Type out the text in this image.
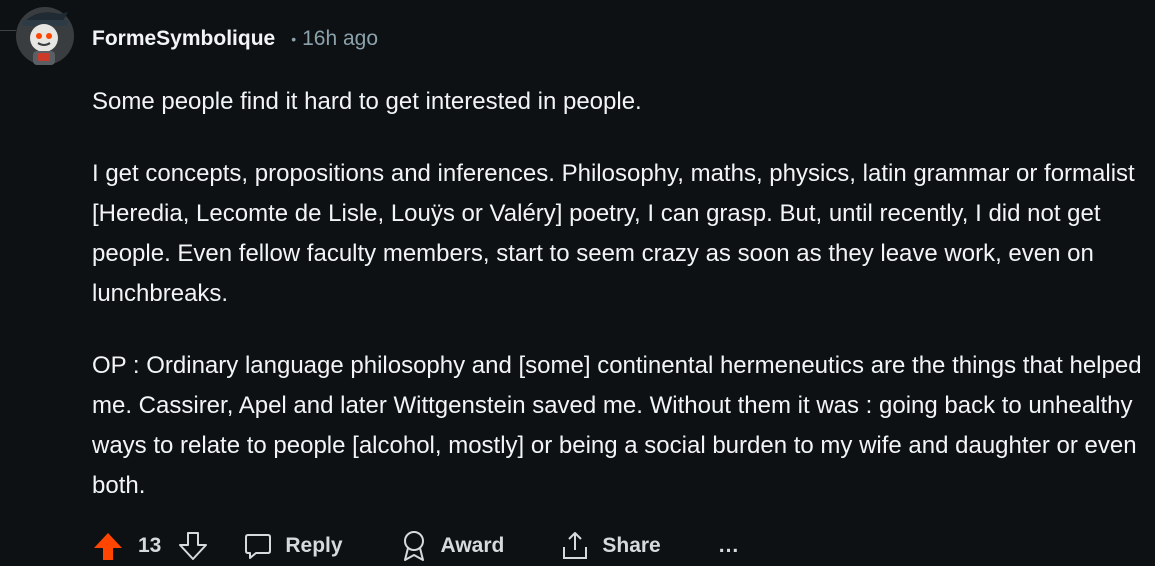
FormeSymbolique • 16h ago

Some people find it hard to get interested in people.

I get concepts, propositions and inferences. Philosophy, maths, physics, latin grammar or formalist [Heredia, Lecomte de Lisle, Louÿs or Valéry] poetry, I can grasp. But, until recently, I did not get people. Even fellow faculty members, start to seem crazy as soon as they leave work, even on lunchbreaks.

OP : Ordinary language philosophy and [some] continental hermeneutics are the things that helped me. Cassirer, Apel and later Wittgenstein saved me. Without them it was : going back to unhealthy ways to relate to people [alcohol, mostly] or being a social burden to my wife and daughter or even both.

13	Reply	Award	Share	...
